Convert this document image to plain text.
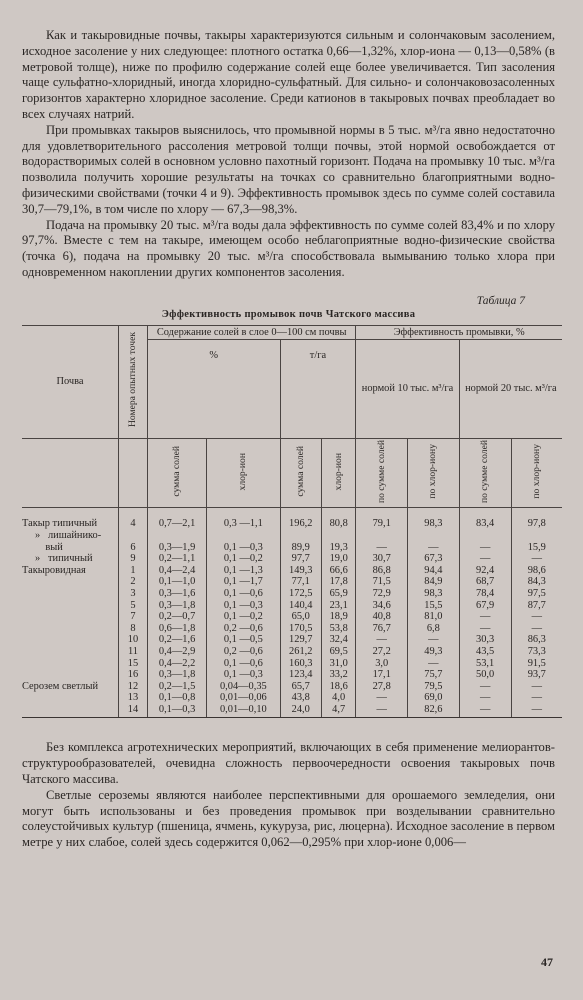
Как и такыровидные почвы, такыры характеризуются сильным и солончаковым засолением, исходное засоление у них следующее: плотного остатка 0,66—1,32%, хлор-иона — 0,13—0,58% (в метровой толще), ниже по профилю содержание солей еще более увеличивается. Тип засоления чаще сульфатно-хлоридный, иногда хлоридно-сульфатный. Для сильно- и солончаковозасоленных горизонтов характерно хлоридное засоление. Среди катионов в такыровых почвах преобладает во всех случаях натрий.

При промывках такыров выяснилось, что промывной нормы в 5 тыс. м³/га явно недостаточно для удовлетворительного рассоления метровой толщи почвы, этой нормой освобождается от водорастворимых солей в основном условно пахотный горизонт. Подача на промывку 10 тыс. м³/га позволила получить хорошие результаты на точках со сравнительно благоприятными водно-физическими свойствами (точки 4 и 9). Эффективность промывок здесь по сумме солей составила 30,7—79,1%, в том числе по хлору — 67,3—98,3%.

Подача на промывку 20 тыс. м³/га воды дала эффективность по сумме солей 83,4% и по хлору 97,7%. Вместе с тем на такыре, имеющем особо неблагоприятные водно-физические свойства (точка 6), подача на промывку 20 тыс. м³/га способствовала вымыванию только хлора при одновременном накоплении других компонентов засоления.

Таблица 7
Эффективность промывок почв Чатского массива
Почва	Номера опытных точек	Содержание солей в слое 0—100 см почвы				Эффективность промывки, %			
		%		т/га		нормой 10 тыс. м³/га		нормой 20 тыс. м³/га	

		сумма солей	хлор-ион	сумма солей	хлор-ион	по сумме солей	по хлор-иону	по сумме солей	по хлор-иону
Такыр типичный	4	0,7—2,1	0,3 —1,1	196,2	80,8	79,1	98,3	83,4	97,8
»   лишайнико-									
вый	6	0,3—1,9	0,1 —0,3	89,9	19,3	—	—	—	15,9
»   типичный	9	0,2—1,1	0,1 —0,2	97,7	19,0	30,7	67,3	—	—
Такыровидная	1	0,4—2,4	0,1 —1,3	149,3	66,6	86,8	94,4	92,4	98,6
	2	0,1—1,0	0,1 —1,7	77,1	17,8	71,5	84,9	68,7	84,3
	3	0,3—1,6	0,1 —0,6	172,5	65,9	72,9	98,3	78,4	97,5
	5	0,3—1,8	0,1 —0,3	140,4	23,1	34,6	15,5	67,9	87,7
	7	0,2—0,7	0,1 —0,2	65,0	18,9	40,8	81,0	—	—
	8	0,6—1,8	0,2 —0,6	170,5	53,8	76,7	6,8	—	—
	10	0,2—1,6	0,1 —0,5	129,7	32,4	—	—	30,3	86,3
	11	0,4—2,9	0,2 —0,6	261,2	69,5	27,2	49,3	43,5	73,3
	15	0,4—2,2	0,1 —0,6	160,3	31,0	3,0	—	53,1	91,5
	16	0,3—1,8	0,1 —0,3	123,4	33,2	17,1	75,7	50,0	93,7
Серозем светлый	12	0,2—1,5	0,04—0,35	65,7	18,6	27,8	79,5	—	—
	13	0,1—0,8	0,01—0,06	43,8	4,0	—	69,0	—	—
	14	0,1—0,3	0,01—0,10	24,0	4,7	—	82,6	—	—

Без комплекса агротехнических мероприятий, включающих в себя применение мелиорантов-структурообразователей, очевидна сложность первоочередности освоения такыровых почв Чатского массива.

Светлые сероземы являются наиболее перспективными для орошаемого земледелия, они могут быть использованы и без проведения промывок при возделывании сравнительно солеустойчивых культур (пшеница, ячмень, кукуруза, рис, люцерна). Исходное засоление в первом метре у них слабое, солей здесь содержится 0,062—0,295% при хлор-ионе 0,006—

47
